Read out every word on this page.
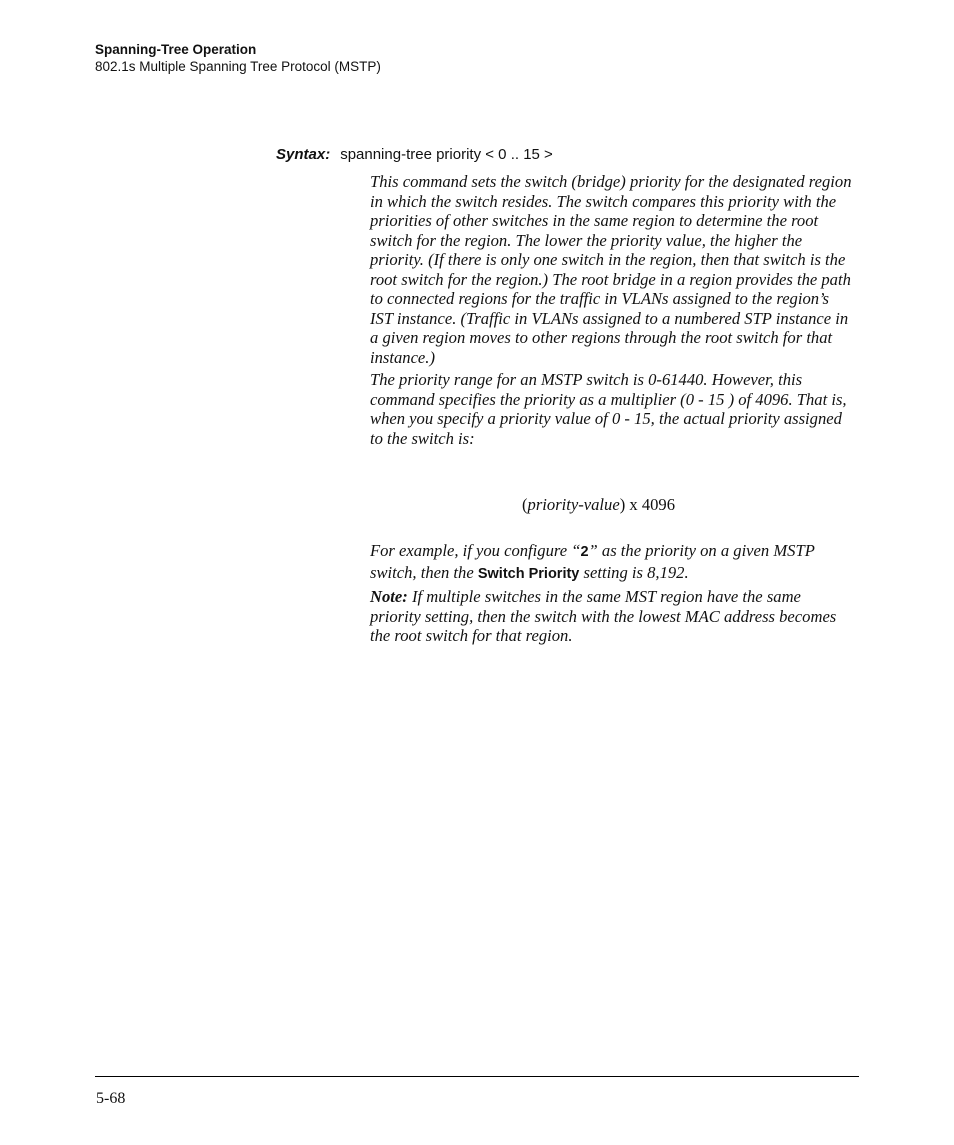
Spanning-Tree Operation
802.1s Multiple Spanning Tree Protocol (MSTP)
Syntax: spanning-tree priority < 0 .. 15 >

This command sets the switch (bridge) priority for the designated region in which the switch resides. The switch compares this priority with the priorities of other switches in the same region to determine the root switch for the region. The lower the priority value, the higher the priority. (If there is only one switch in the region, then that switch is the root switch for the region.) The root bridge in a region provides the path to connected regions for the traffic in VLANs assigned to the region’s IST instance. (Traffic in VLANs assigned to a numbered STP instance in a given region moves to other regions through the root switch for that instance.)

The priority range for an MSTP switch is 0-61440. However, this command specifies the priority as a multiplier (0 - 15 ) of 4096. That is, when you specify a priority value of 0 - 15, the actual priority assigned to the switch is:

(priority-value) x 4096

For example, if you configure “2” as the priority on a given MSTP switch, then the Switch Priority setting is 8,192.

Note: If multiple switches in the same MST region have the same priority setting, then the switch with the lowest MAC address becomes the root switch for that region.

5-68
